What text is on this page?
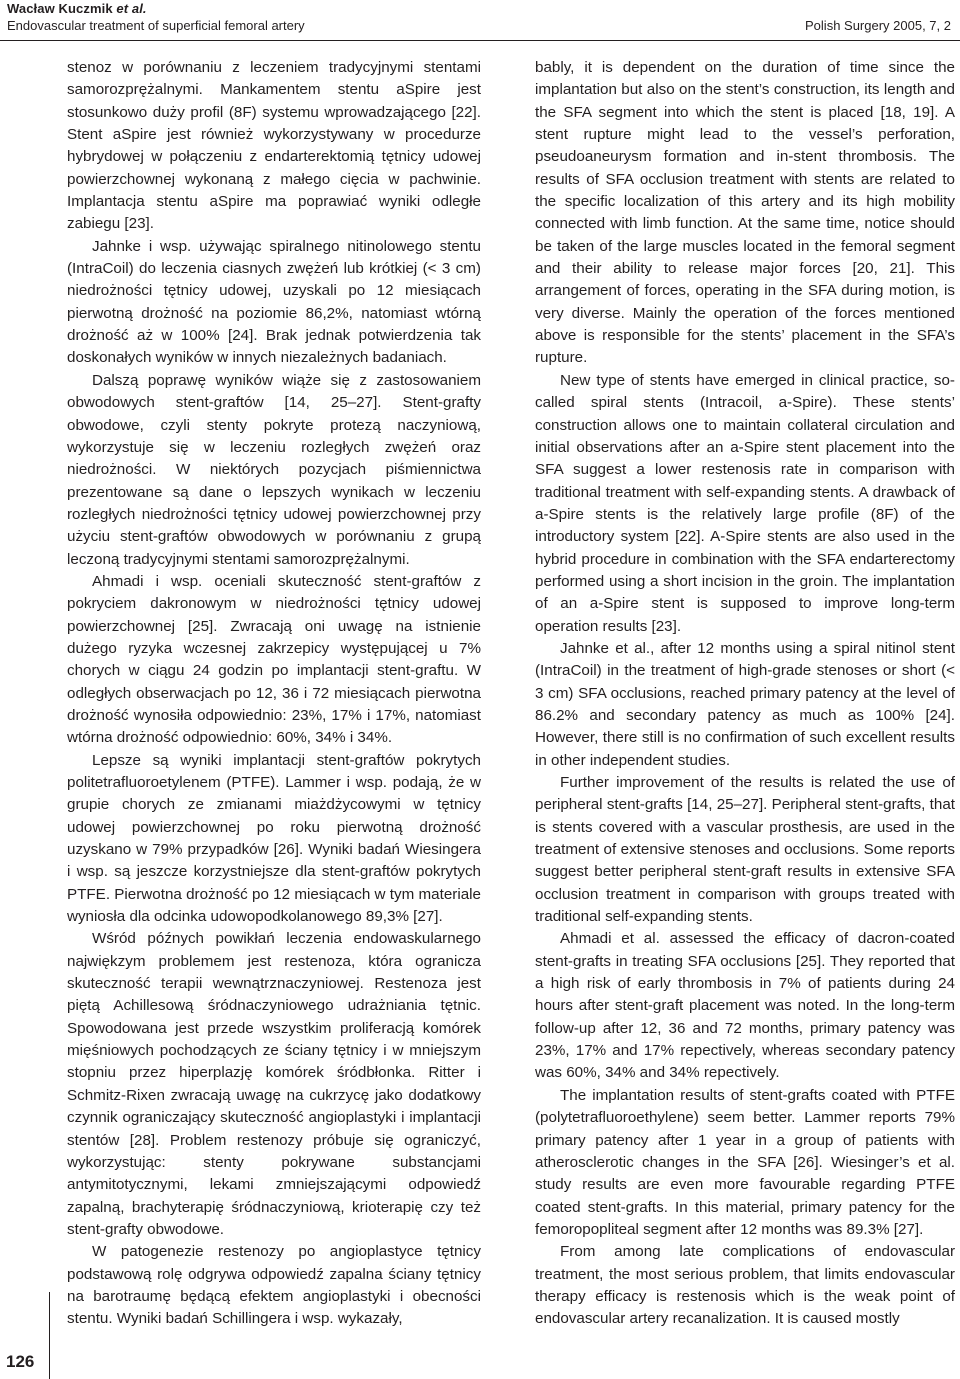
Wacław Kuczmik et al.
Endovascular treatment of superficial femoral artery	Polish Surgery 2005, 7, 2

stenoz w porównaniu z leczeniem tradycyjnymi stentami samorozprężalnymi. Mankamentem stentu aSpire jest stosunkowo duży profil (8F) systemu wprowadzającego [22]. Stent aSpire jest również wykorzystywany w procedurze hybrydowej w połączeniu z endarterektomią tętnicy udowej powierzchownej wykonaną z małego cięcia w pachwinie. Implantacja stentu aSpire ma poprawiać wyniki odległe zabiegu [23].

Jahnke i wsp. używając spiralnego nitinolowego stentu (IntraCoil) do leczenia ciasnych zwężeń lub krótkiej (< 3 cm) niedrożności tętnicy udowej, uzyskali po 12 miesiącach pierwotną drożność na poziomie 86,2%, natomiast wtórną drożność aż w 100% [24]. Brak jednak potwierdzenia tak doskonałych wyników w innych niezależnych badaniach.

Dalszą poprawę wyników wiąże się z zastosowaniem obwodowych stent-graftów [14, 25–27]. Stent-grafty obwodowe, czyli stenty pokryte protezą naczyniową, wykorzystuje się w leczeniu rozległych zwężeń oraz niedrożności. W niektórych pozycjach piśmiennictwa prezentowane są dane o lepszych wynikach w leczeniu rozległych niedrożności tętnicy udowej powierzchownej przy użyciu stent-graftów obwodowych w porównaniu z grupą leczoną tradycyjnymi stentami samorozprężalnymi.

Ahmadi i wsp. oceniali skuteczność stent-graftów z pokryciem dakronowym w niedrożności tętnicy udowej powierzchownej [25]. Zwracają oni uwagę na istnienie dużego ryzyka wczesnej zakrzepicy występującej u 7% chorych w ciągu 24 godzin po implantacji stent-graftu. W odległych obserwacjach po 12, 36 i 72 miesiącach pierwotna drożność wynosiła odpowiednio: 23%, 17% i 17%, natomiast wtórna drożność odpowiednio: 60%, 34% i 34%.

Lepsze są wyniki implantacji stent-graftów pokrytych politetrafluoroetylenem (PTFE). Lammer i wsp. podają, że w grupie chorych ze zmianami miażdżycowymi w tętnicy udowej powierzchownej po roku pierwotną drożność uzyskano w 79% przypadków [26]. Wyniki badań Wiesingera i wsp. są jeszcze korzystniejsze dla stent-graftów pokrytych PTFE. Pierwotna drożność po 12 miesiącach w tym materiale wyniosła dla odcinka udowopodkolanowego 89,3% [27].

Wśród późnych powikłań leczenia endowaskularnego najwiękzym problemem jest restenoza, która ogranicza skuteczność terapii wewnątrznaczyniowej. Restenoza jest piętą Achillesową śródnaczyniowego udrażniania tętnic. Spowodowana jest przede wszystkim proliferacją komórek mięśniowych pochodzących ze ściany tętnicy i w mniejszym stopniu przez hiperplazję komórek śródbłonka. Ritter i Schmitz-Rixen zwracają uwagę na cukrzycę jako dodatkowy czynnik ograniczający skuteczność angioplastyki i implantacji stentów [28]. Problem restenozy próbuje się ograniczyć, wykorzystując: stenty pokrywane substancjami antymitotycznymi, lekami zmniejszającymi odpowiedź zapalną, brachyterapię śródnaczyniową, krioterapię czy też stent-grafty obwodowe.

W patogenezie restenozy po angioplastyce tętnicy podstawową rolę odgrywa odpowiedź zapalna ściany tętnicy na barotraumę będącą efektem angioplastyki i obecności stentu. Wyniki badań Schillingera i wsp. wykazały,

bably, it is dependent on the duration of time since the implantation but also on the stent’s construction, its length and the SFA segment into which the stent is placed [18, 19]. A stent rupture might lead to the vessel’s perforation, pseudoaneurysm formation and in-stent thrombosis. The results of SFA occlusion treatment with stents are related to the specific localization of this artery and its high mobility connected with limb function. At the same time, notice should be taken of the large muscles located in the femoral segment and their ability to release major forces [20, 21]. This arrangement of forces, operating in the SFA during motion, is very diverse. Mainly the operation of the forces mentioned above is responsible for the stents’ placement in the SFA’s rupture.

New type of stents have emerged in clinical practice, so-called spiral stents (Intracoil, a-Spire). These stents’ construction allows one to maintain collateral circulation and initial observations after an a-Spire stent placement into the SFA suggest a lower restenosis rate in comparison with traditional treatment with self-expanding stents. A drawback of a-Spire stents is the relatively large profile (8F) of the introductory system [22]. A-Spire stents are also used in the hybrid procedure in combination with the SFA endarterectomy performed using a short incision in the groin. The implantation of an a-Spire stent is supposed to improve long-term operation results [23].

Jahnke et al., after 12 months using a spiral nitinol stent (IntraCoil) in the treatment of high-grade stenoses or short (< 3 cm) SFA occlusions, reached primary patency at the level of 86.2% and secondary patency as much as 100% [24]. However, there still is no confirmation of such excellent results in other independent studies.

Further improvement of the results is related the use of peripheral stent-grafts [14, 25–27]. Peripheral stent-grafts, that is stents covered with a vascular prosthesis, are used in the treatment of extensive stenoses and occlusions. Some reports suggest better peripheral stent-graft results in extensive SFA occlusion treatment in comparison with groups treated with traditional self-expanding stents.

Ahmadi et al. assessed the efficacy of dacron-coated stent-grafts in treating SFA occlusions [25]. They reported that a high risk of early thrombosis in 7% of patients during 24 hours after stent-graft placement was noted. In the long-term follow-up after 12, 36 and 72 months, primary patency was 23%, 17% and 17% repectively, whereas secondary patency was 60%, 34% and 34% repectively.

The implantation results of stent-grafts coated with PTFE (polytetrafluoroethylene) seem better. Lammer reports 79% primary patency after 1 year in a group of patients with atherosclerotic changes in the SFA [26]. Wiesinger’s et al. study results are even more favourable regarding PTFE coated stent-grafts. In this material, primary patency for the femoropopliteal segment after 12 months was 89.3% [27].

From among late complications of endovascular treatment, the most serious problem, that limits endovascular therapy efficacy is restenosis which is the weak point of endovascular artery recanalization. It is caused mostly

126
